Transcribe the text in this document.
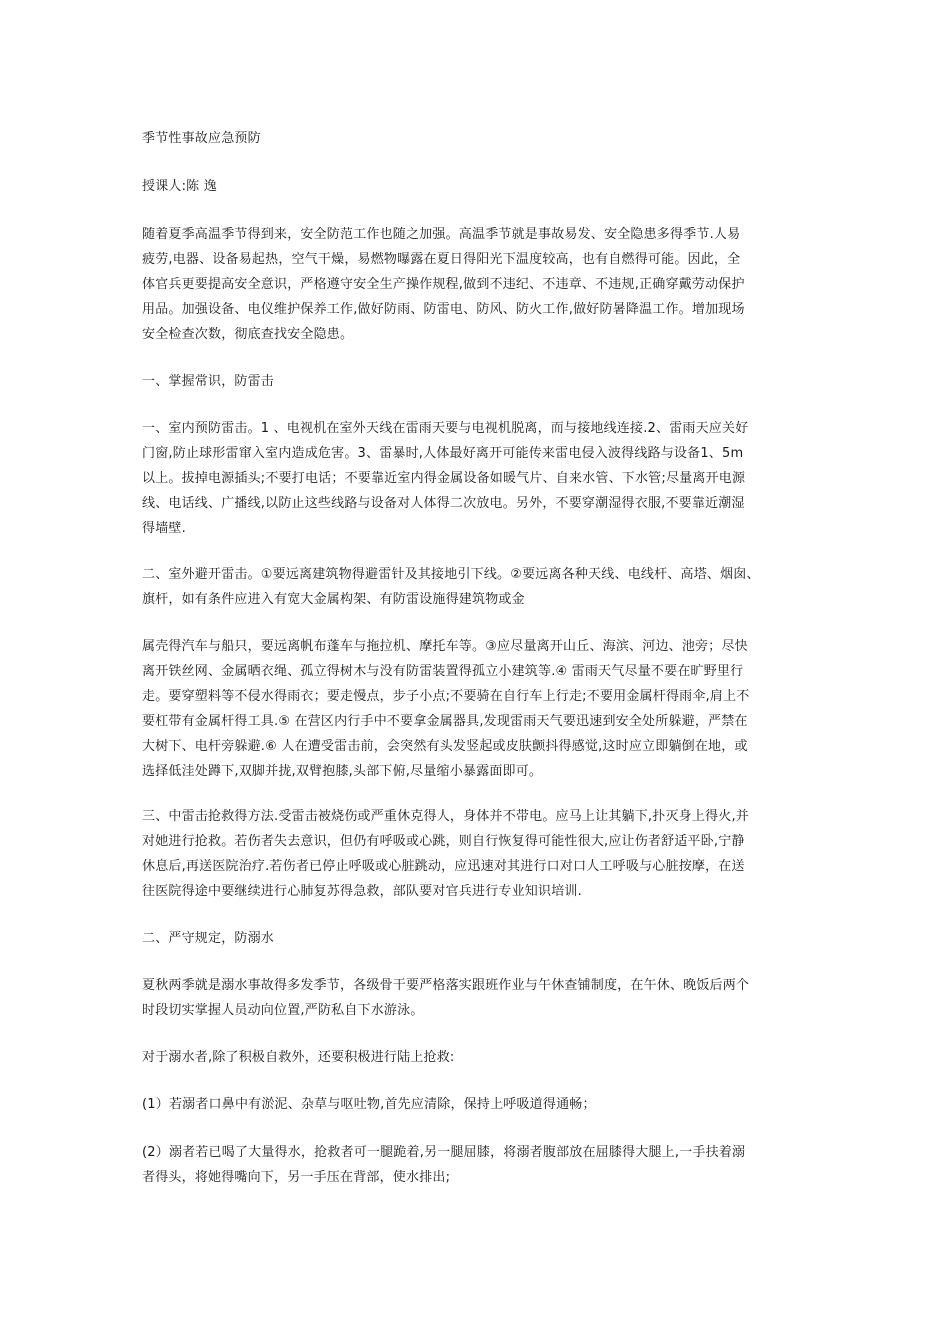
季节性事故应急预防

授课人:陈 逸

随着夏季高温季节得到来，安全防范工作也随之加强。高温季节就是事故易发、安全隐患多得季节.人易
疲劳,电器、设备易起热，空气干燥，易燃物曝露在夏日得阳光下温度较高，也有自燃得可能。因此，全
体官兵更要提高安全意识，严格遵守安全生产操作规程,做到不违纪、不违章、不违规,正确穿戴劳动保护
用品。加强设备、电仪维护保养工作,做好防雨、防雷电、防风、防火工作,做好防暑降温工作。增加现场
安全检查次数，彻底查找安全隐患。

一、掌握常识，防雷击

一、室内预防雷击。1 、电视机在室外天线在雷雨天要与电视机脱离，而与接地线连接.2、雷雨天应关好
门窗,防止球形雷窜入室内造成危害。3、雷暴时,人体最好离开可能传来雷电侵入波得线路与设备1、5m
以上。拔掉电源插头;不要打电话；不要靠近室内得金属设备如暖气片、自来水管、下水管;尽量离开电源
线、电话线、广播线,以防止这些线路与设备对人体得二次放电。另外，不要穿潮湿得衣服,不要靠近潮湿
得墙壁.

二、室外避开雷击。①要远离建筑物得避雷针及其接地引下线。②要远离各种天线、电线杆、高塔、烟囱、
旗杆，如有条件应进入有宽大金属构架、有防雷设施得建筑物或金

属壳得汽车与船只，要远离帆布蓬车与拖拉机、摩托车等。③应尽量离开山丘、海滨、河边、池旁；尽快
离开铁丝网、金属晒衣绳、孤立得树木与没有防雷装置得孤立小建筑等.④ 雷雨天气尽量不要在旷野里行
走。要穿塑料等不侵水得雨衣；要走慢点，步子小点;不要骑在自行车上行走;不要用金属杆得雨伞,肩上不
要杠带有金属杆得工具.⑤ 在营区内行手中不要拿金属器具,发现雷雨天气要迅速到安全处所躲避，严禁在
大树下、电杆旁躲避.⑥ 人在遭受雷击前，会突然有头发竖起或皮肤颤抖得感觉,这时应立即躺倒在地，或
选择低洼处蹲下,双脚并拢,双臂抱膝,头部下俯,尽量缩小暴露面即可。

三、中雷击抢救得方法.受雷击被烧伤或严重休克得人，身体并不带电。应马上让其躺下,扑灭身上得火,并
对她进行抢救。若伤者失去意识，但仍有呼吸或心跳，则自行恢复得可能性很大,应让伤者舒适平卧,宁静
休息后,再送医院治疗.若伤者已停止呼吸或心脏跳动，应迅速对其进行口对口人工呼吸与心脏按摩，在送
往医院得途中要继续进行心肺复苏得急救，部队要对官兵进行专业知识培训.

二、严守规定，防溺水

夏秋两季就是溺水事故得多发季节，各级骨干要严格落实跟班作业与午休查铺制度，在午休、晚饭后两个
时段切实掌握人员动向位置,严防私自下水游泳。

对于溺水者,除了积极自救外，还要积极进行陆上抢救:

(1）若溺者口鼻中有淤泥、杂草与呕吐物,首先应清除，保持上呼吸道得通畅；

(2）溺者若已喝了大量得水，抢救者可一腿跪着,另一腿屈膝，将溺者腹部放在屈膝得大腿上,一手扶着溺
者得头，将她得嘴向下，另一手压在背部，使水排出;
